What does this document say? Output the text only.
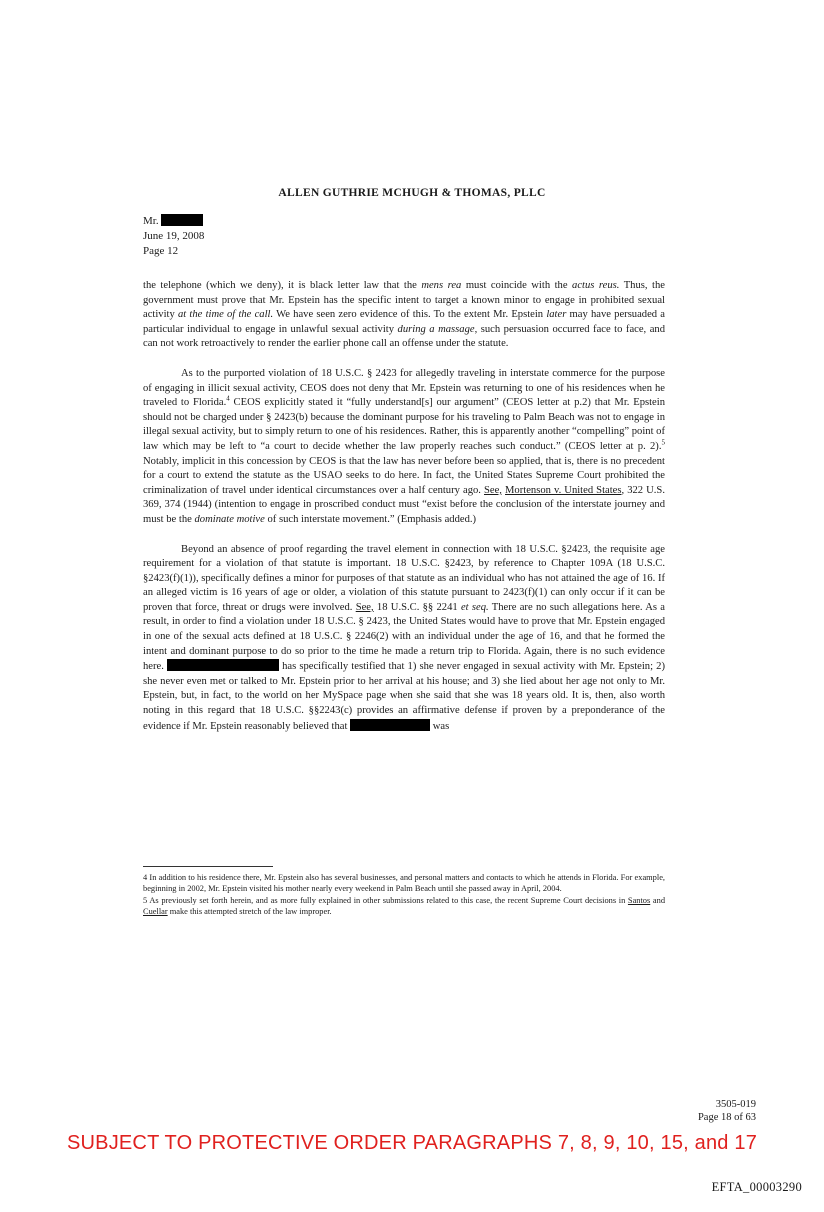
ALLEN GUTHRIE MCHUGH & THOMAS, PLLC
Mr.
June 19, 2008
Page 12

the telephone (which we deny), it is black letter law that the mens rea must coincide with the actus reus. Thus, the government must prove that Mr. Epstein has the specific intent to target a known minor to engage in prohibited sexual activity at the time of the call. We have seen zero evidence of this. To the extent Mr. Epstein later may have persuaded a particular individual to engage in unlawful sexual activity during a massage, such persuasion occurred face to face, and can not work retroactively to render the earlier phone call an offense under the statute.

As to the purported violation of 18 U.S.C. § 2423 for allegedly traveling in interstate commerce for the purpose of engaging in illicit sexual activity, CEOS does not deny that Mr. Epstein was returning to one of his residences when he traveled to Florida.$^4$ CEOS explicitly stated it “fully understand[s] our argument” (CEOS letter at p.2) that Mr. Epstein should not be charged under § 2423(b) because the dominant purpose for his traveling to Palm Beach was not to engage in illegal sexual activity, but to simply return to one of his residences. Rather, this is apparently another “compelling” point of law which may be left to “a court to decide whether the law properly reaches such conduct.” (CEOS letter at p. 2).$^5$ Notably, implicit in this concession by CEOS is that the law has never before been so applied, that is, there is no precedent for a court to extend the statute as the USAO seeks to do here. In fact, the United States Supreme Court prohibited the criminalization of travel under identical circumstances over a half century ago. See, Mortenson v. United States, 322 U.S. 369, 374 (1944) (intention to engage in proscribed conduct must “exist before the conclusion of the interstate journey and must be the dominate motive of such interstate movement.” (Emphasis added.)

Beyond an absence of proof regarding the travel element in connection with 18 U.S.C. §2423, the requisite age requirement for a violation of that statute is important. 18 U.S.C. §2423, by reference to Chapter 109A (18 U.S.C. §2423(f)(1)), specifically defines a minor for purposes of that statute as an individual who has not attained the age of 16. If an alleged victim is 16 years of age or older, a violation of this statute pursuant to 2423(f)(1) can only occur if it can be proven that force, threat or drugs were involved. See, 18 U.S.C. §§ 2241 et seq. There are no such allegations here. As a result, in order to find a violation under 18 U.S.C. § 2423, the United States would have to prove that Mr. Epstein engaged in one of the sexual acts defined at 18 U.S.C. § 2246(2) with an individual under the age of 16, and that he formed the intent and dominant purpose to do so prior to the time he made a return trip to Florida. Again, there is no such evidence here.	has specifically testified that 1) she never engaged in sexual activity with Mr. Epstein; 2) she never even met or talked to Mr. Epstein prior to her arrival at his house; and 3) she lied about her age not only to Mr. Epstein, but, in fact, to the world on her MySpace page when she said that she was 18 years old. It is, then, also worth noting in this regard that 18 U.S.C. §§2243(c) provides an affirmative defense if proven by a preponderance of the evidence if Mr. Epstein reasonably believed that	was

4 In addition to his residence there, Mr. Epstein also has several businesses, and personal matters and contacts to which he attends in Florida. For example, beginning in 2002, Mr. Epstein visited his mother nearly every weekend in Palm Beach until she passed away in April, 2004.

5 As previously set forth herein, and as more fully explained in other submissions related to this case, the recent Supreme Court decisions in Santos and Cuellar make this attempted stretch of the law improper.

3505-019
Page 18 of 63
SUBJECT TO PROTECTIVE ORDER PARAGRAPHS 7, 8, 9, 10, 15, and 17
EFTA_00003290
